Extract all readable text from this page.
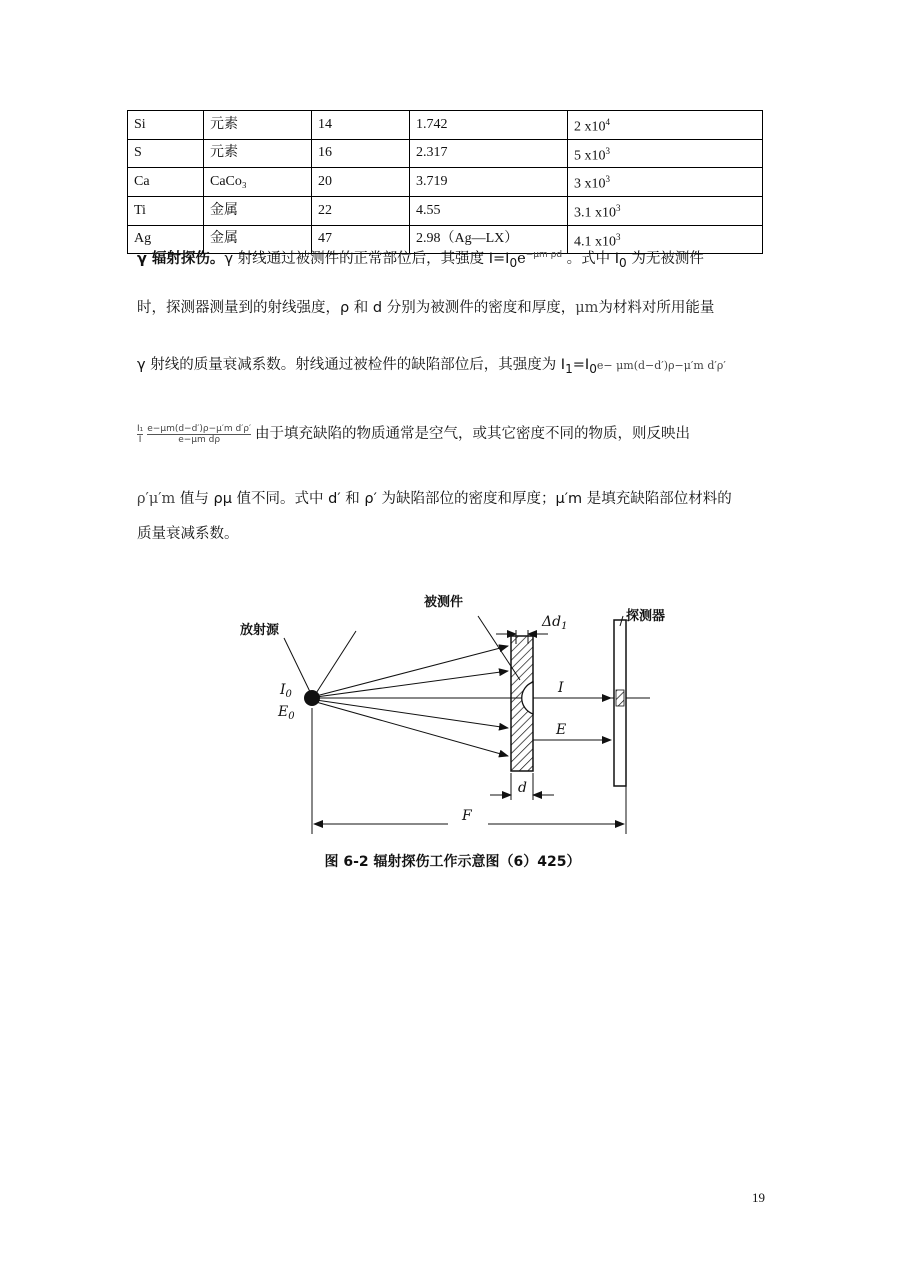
Si	元素	14	1.742	2 $x10^4$
S	元素	16	2.317	5 $x10^3$
Ca	CaCo₃	20	3.719	3 $x10^3$
Ti	金属	22	4.55	3.1 $x10^3$
Ag	金属	47	2.98（Ag—LX）	4.1 $x10^3$
γ 辐射探伤。γ 射线通过被测件的正常部位后，其强度 $I=I_0e^{-\mu m \rho d}$ 。式中 $I_0$ 为无被测件
时，探测器测量到的射线强度，ρ 和 d 分别为被测件的密度和厚度，μm为材料对所用能量
γ 射线的质量衰减系数。射线通过被检件的缺陷部位后，其强度为 $I_1=I_0e- \mu m(d-d')\rho-\mu'm$ d′ρ′
$\frac{\text{I₁}}{I} \frac{\text{e−μm(d−d′)ρ−μ′m d′ρ′}}{\text{e−μm dρ}}$ 由于填充缺陷的物质通常是空气，或其它密度不同的物质，则反映出
ρ′μ′m 值与 ρμ 值不同。式中 d′ 和 ρ′ 为缺陷部位的密度和厚度；μ′m 是填充缺陷部位材料的
质量衰减系数。
放射源
被测件
探测器
$\Delta d_1$
$I_0$
$E_0$
I
E
d
F
图 6-2 辐射探伤工作示意图（6）425）
19
